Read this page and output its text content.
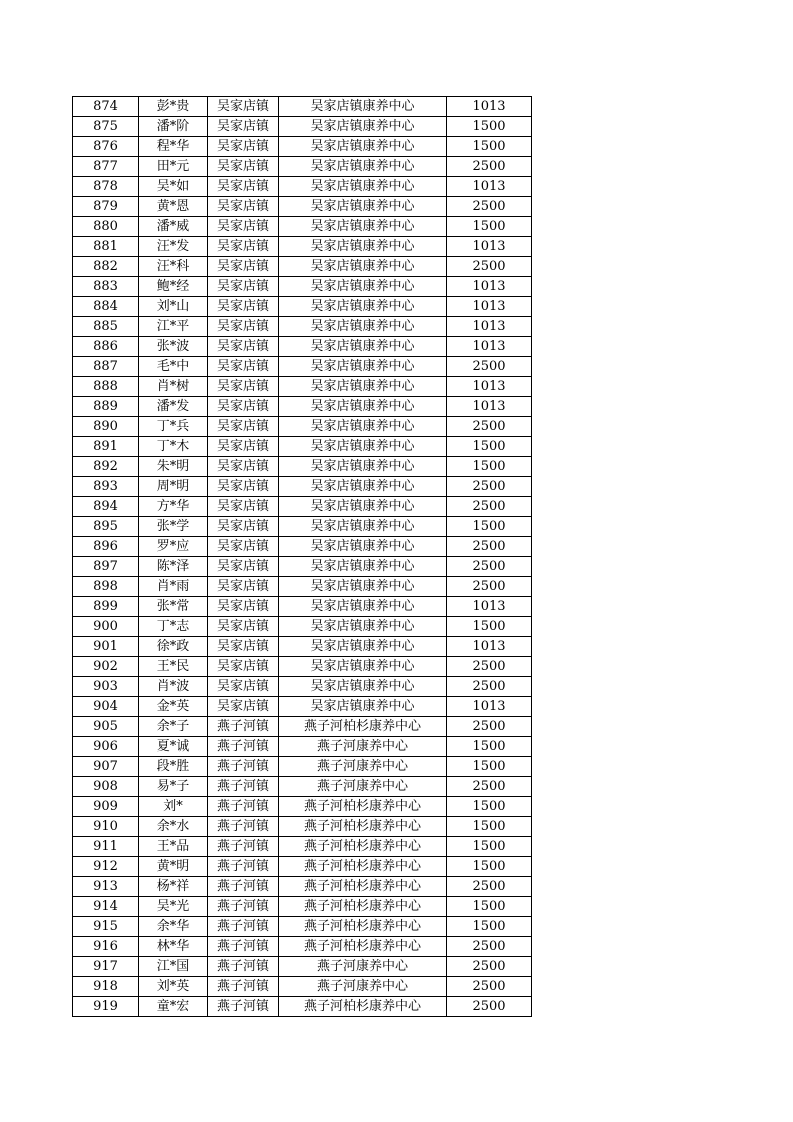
874	彭*贵	吴家店镇	吴家店镇康养中心	1013
875	潘*阶	吴家店镇	吴家店镇康养中心	1500
876	程*华	吴家店镇	吴家店镇康养中心	1500
877	田*元	吴家店镇	吴家店镇康养中心	2500
878	吴*如	吴家店镇	吴家店镇康养中心	1013
879	黄*恩	吴家店镇	吴家店镇康养中心	2500
880	潘*威	吴家店镇	吴家店镇康养中心	1500
881	汪*发	吴家店镇	吴家店镇康养中心	1013
882	汪*科	吴家店镇	吴家店镇康养中心	2500
883	鲍*经	吴家店镇	吴家店镇康养中心	1013
884	刘*山	吴家店镇	吴家店镇康养中心	1013
885	江*平	吴家店镇	吴家店镇康养中心	1013
886	张*波	吴家店镇	吴家店镇康养中心	1013
887	毛*中	吴家店镇	吴家店镇康养中心	2500
888	肖*树	吴家店镇	吴家店镇康养中心	1013
889	潘*发	吴家店镇	吴家店镇康养中心	1013
890	丁*兵	吴家店镇	吴家店镇康养中心	2500
891	丁*木	吴家店镇	吴家店镇康养中心	1500
892	朱*明	吴家店镇	吴家店镇康养中心	1500
893	周*明	吴家店镇	吴家店镇康养中心	2500
894	方*华	吴家店镇	吴家店镇康养中心	2500
895	张*学	吴家店镇	吴家店镇康养中心	1500
896	罗*应	吴家店镇	吴家店镇康养中心	2500
897	陈*泽	吴家店镇	吴家店镇康养中心	2500
898	肖*雨	吴家店镇	吴家店镇康养中心	2500
899	张*常	吴家店镇	吴家店镇康养中心	1013
900	丁*志	吴家店镇	吴家店镇康养中心	1500
901	徐*政	吴家店镇	吴家店镇康养中心	1013
902	王*民	吴家店镇	吴家店镇康养中心	2500
903	肖*波	吴家店镇	吴家店镇康养中心	2500
904	金*英	吴家店镇	吴家店镇康养中心	1013
905	余*子	燕子河镇	燕子河柏杉康养中心	2500
906	夏*诚	燕子河镇	燕子河康养中心	1500
907	段*胜	燕子河镇	燕子河康养中心	1500
908	易*子	燕子河镇	燕子河康养中心	2500
909	刘*	燕子河镇	燕子河柏杉康养中心	1500
910	余*水	燕子河镇	燕子河柏杉康养中心	1500
911	王*品	燕子河镇	燕子河柏杉康养中心	1500
912	黄*明	燕子河镇	燕子河柏杉康养中心	1500
913	杨*祥	燕子河镇	燕子河柏杉康养中心	2500
914	吴*光	燕子河镇	燕子河柏杉康养中心	1500
915	余*华	燕子河镇	燕子河柏杉康养中心	1500
916	林*华	燕子河镇	燕子河柏杉康养中心	2500
917	江*国	燕子河镇	燕子河康养中心	2500
918	刘*英	燕子河镇	燕子河康养中心	2500
919	童*宏	燕子河镇	燕子河柏杉康养中心	2500
